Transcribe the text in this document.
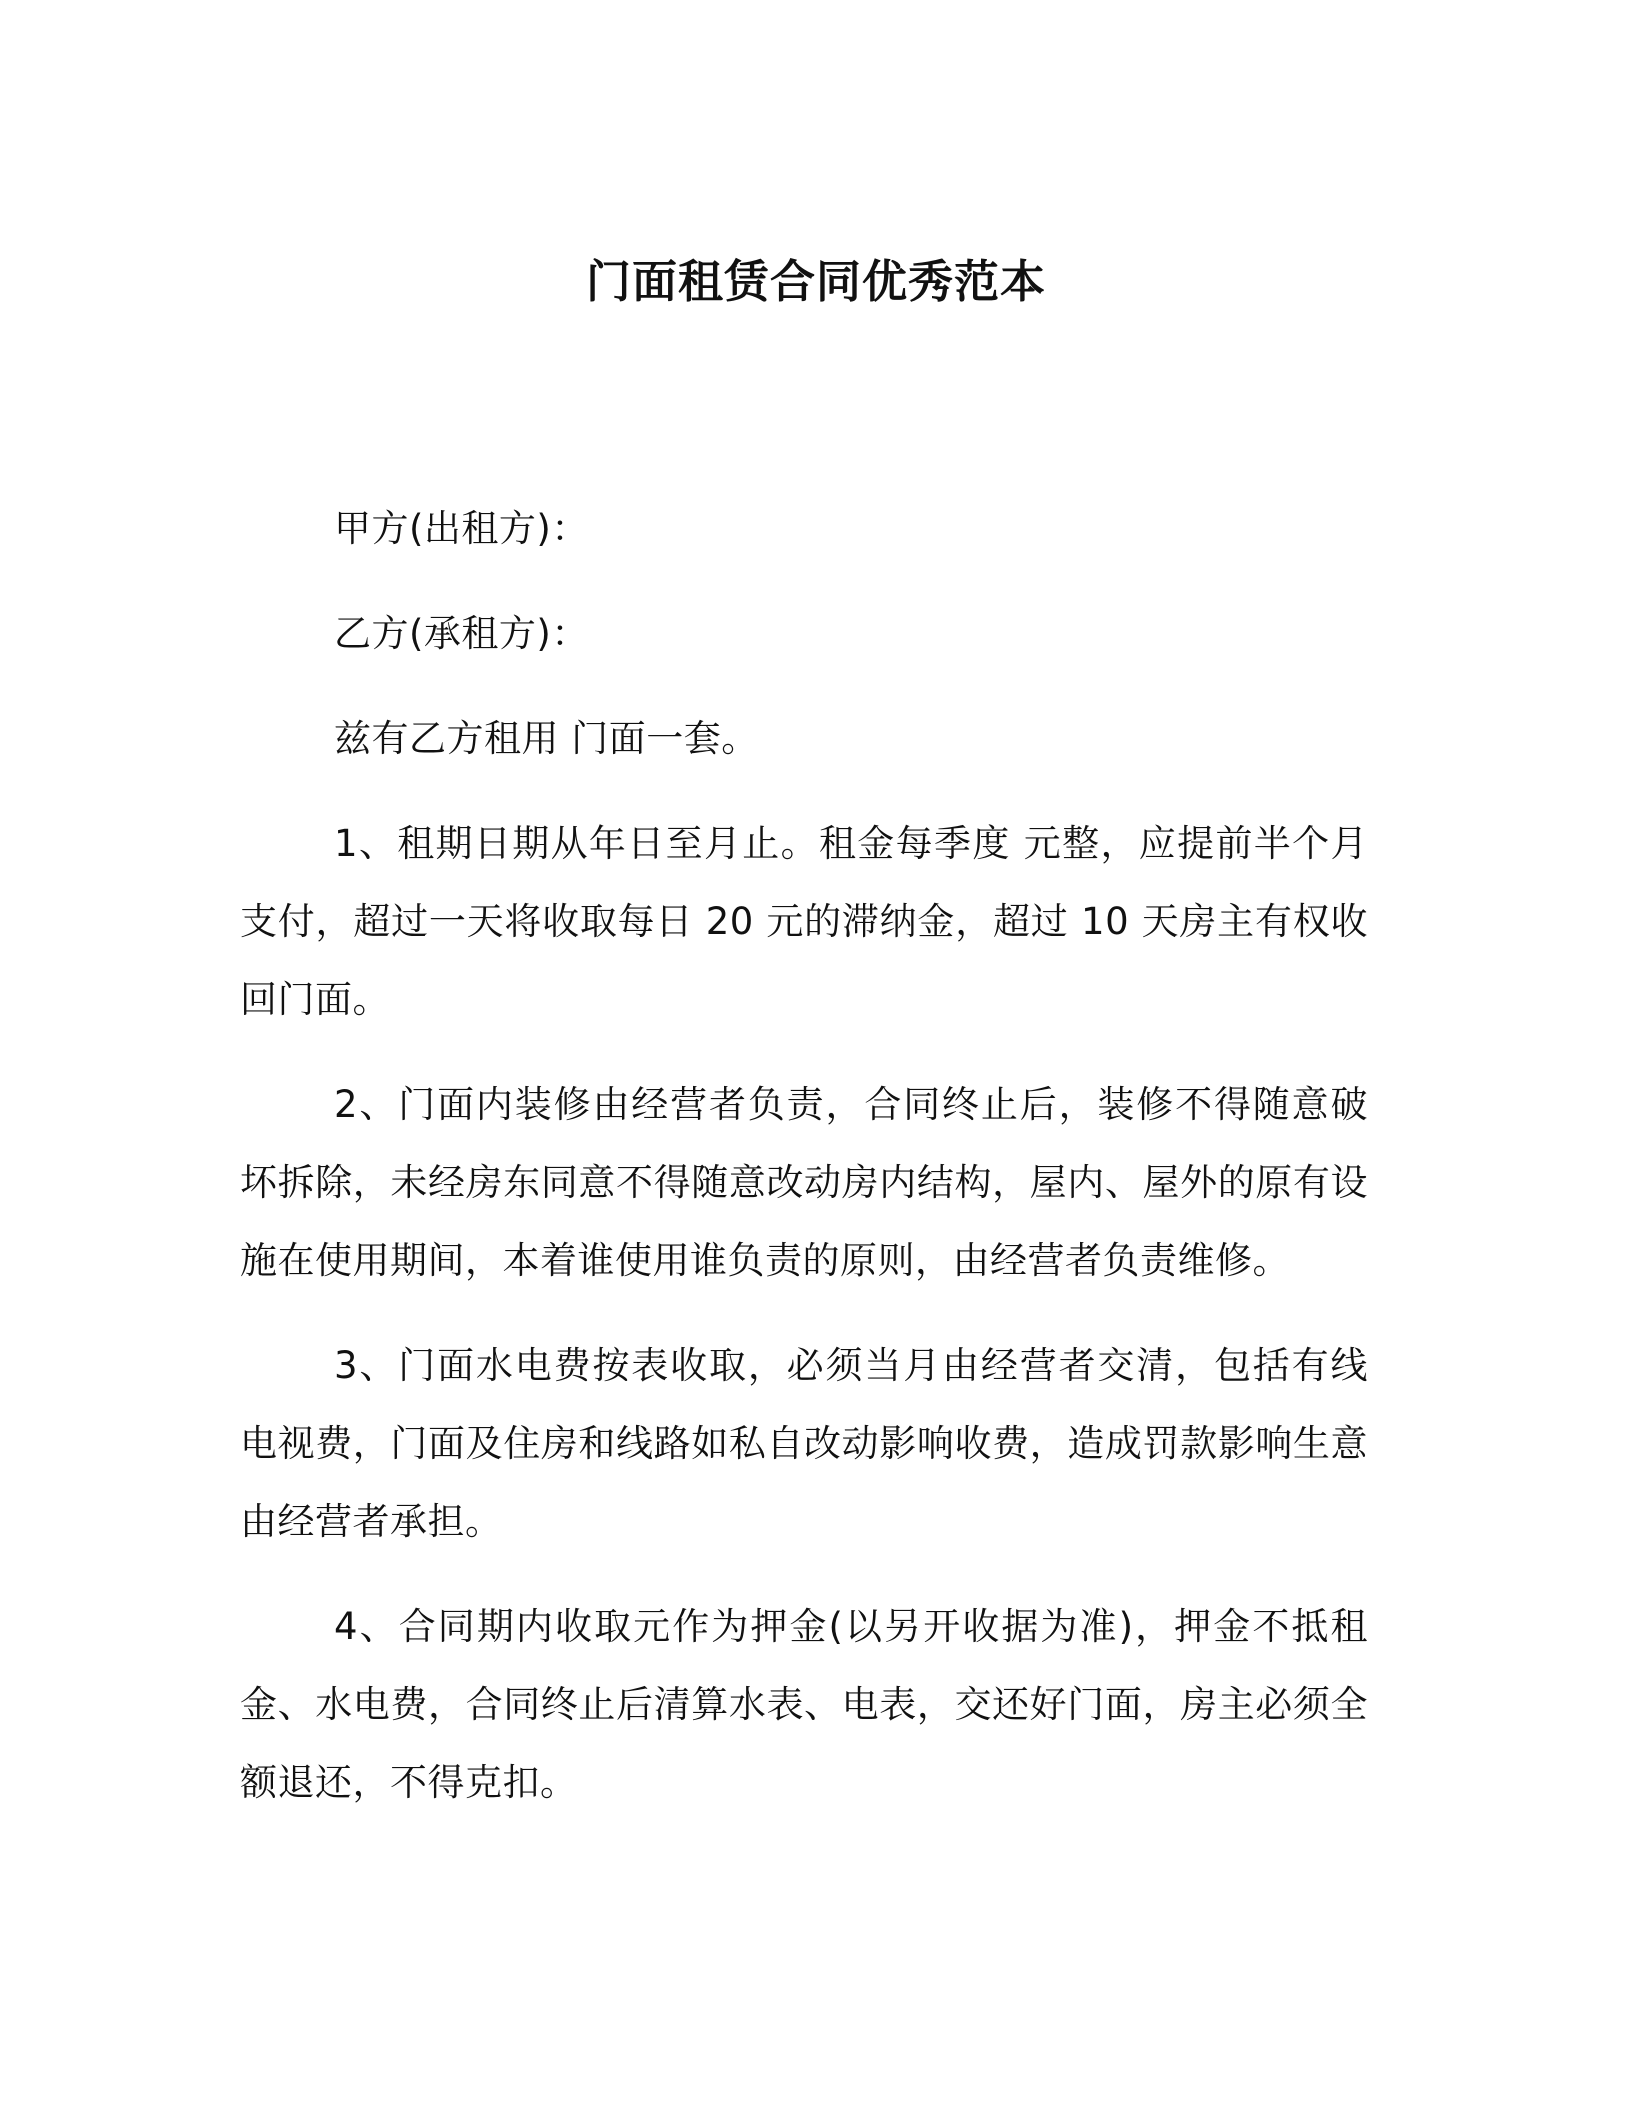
门面租赁合同优秀范本

甲方(出租方)：

乙方(承租方)：

兹有乙方租用 门面一套。

1、租期日期从年日至月止。租金每季度 元整，应提前半个月支付，超过一天将收取每日 20 元的滞纳金，超过 10 天房主有权收回门面。

2、门面内装修由经营者负责，合同终止后，装修不得随意破坏拆除，未经房东同意不得随意改动房内结构，屋内、屋外的原有设施在使用期间，本着谁使用谁负责的原则，由经营者负责维修。

3、门面水电费按表收取，必须当月由经营者交清，包括有线电视费，门面及住房和线路如私自改动影响收费，造成罚款影响生意由经营者承担。

4、合同期内收取元作为押金(以另开收据为准)，押金不抵租金、水电费，合同终止后清算水表、电表，交还好门面，房主必须全额退还，不得克扣。
